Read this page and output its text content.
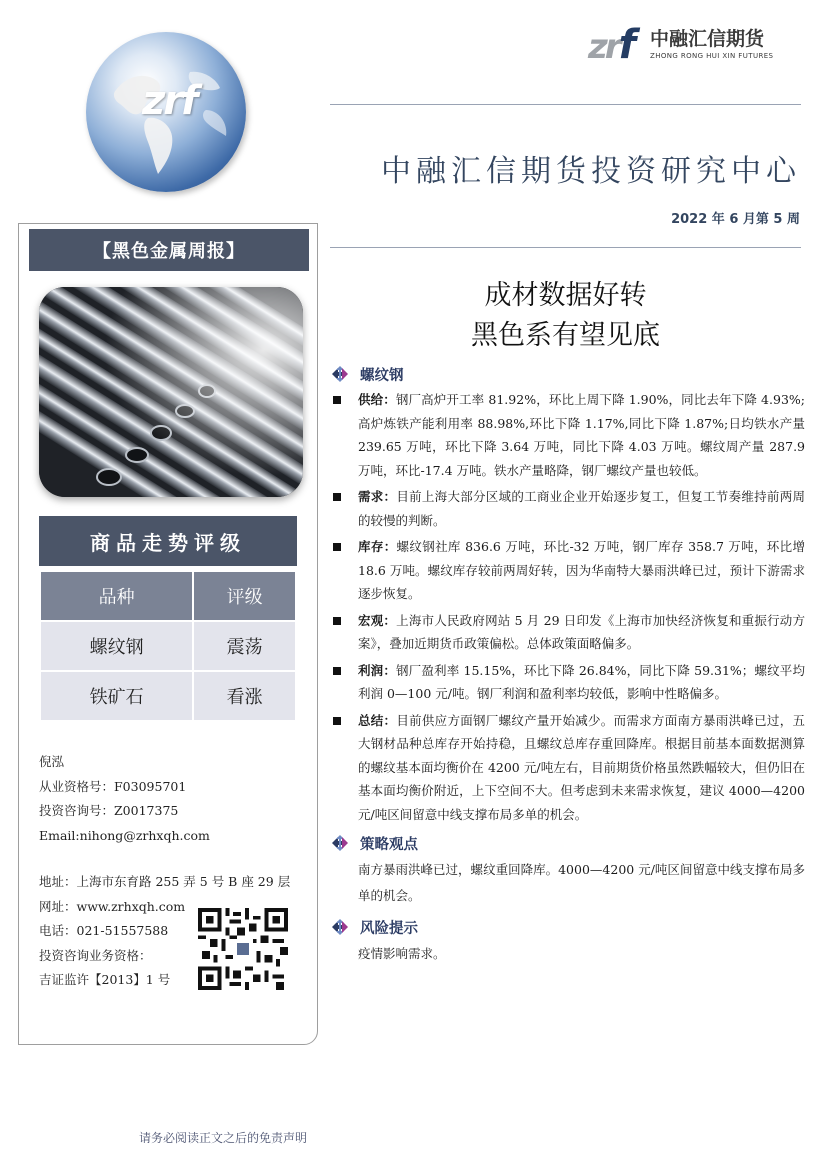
zrf
zrf 中融汇信期货
ZHONG RONG HUI XIN FUTURES
中融汇信期货投资研究中心
2022 年 6 月第 5 周
【黑色金属周报】
商品走势评级
品种	评级
螺纹钢	震荡
铁矿石	看涨
倪泓
从业资格号：F03095701
投资咨询号：Z0017375
Email:nihong@zrhxqh.com
地址：上海市东育路 255 弄 5 号 B 座 29 层
网址：www.zrhxqh.com
电话：021-51557588
投资咨询业务资格：
吉证监许【2013】1 号
成材数据好转
黑色系有望见底
螺纹钢
供给：钢厂高炉开工率 81.92%，环比上周下降 1.90%，同比去年下降 4.93%;高炉炼铁产能利用率 88.98%,环比下降 1.17%,同比下降 1.87%;日均铁水产量 239.65 万吨，环比下降 3.64 万吨，同比下降 4.03 万吨。螺纹周产量 287.9 万吨，环比-17.4 万吨。铁水产量略降，钢厂螺纹产量也较低。
需求：目前上海大部分区域的工商业企业开始逐步复工，但复工节奏维持前两周的较慢的判断。
库存：螺纹钢社库 836.6 万吨，环比-32 万吨，钢厂库存 358.7 万吨，环比增 18.6 万吨。螺纹库存较前两周好转，因为华南特大暴雨洪峰已过，预计下游需求逐步恢复。
宏观：上海市人民政府网站 5 月 29 日印发《上海市加快经济恢复和重振行动方案》，叠加近期货币政策偏松。总体政策面略偏多。
利润：钢厂盈利率 15.15%，环比下降 26.84%，同比下降 59.31%；螺纹平均利润 0—100 元/吨。钢厂利润和盈利率均较低，影响中性略偏多。
总结：目前供应方面钢厂螺纹产量开始减少。而需求方面南方暴雨洪峰已过，五大钢材品种总库存开始持稳，且螺纹总库存重回降库。根据目前基本面数据测算的螺纹基本面均衡价在 4200 元/吨左右，目前期货价格虽然跌幅较大，但仍旧在基本面均衡价附近，上下空间不大。但考虑到未来需求恢复，建议 4000—4200 元/吨区间留意中线支撑布局多单的机会。
策略观点
南方暴雨洪峰已过，螺纹重回降库。4000—4200 元/吨区间留意中线支撑布局多单的机会。
风险提示
疫情影响需求。
请务必阅读正文之后的免责声明
